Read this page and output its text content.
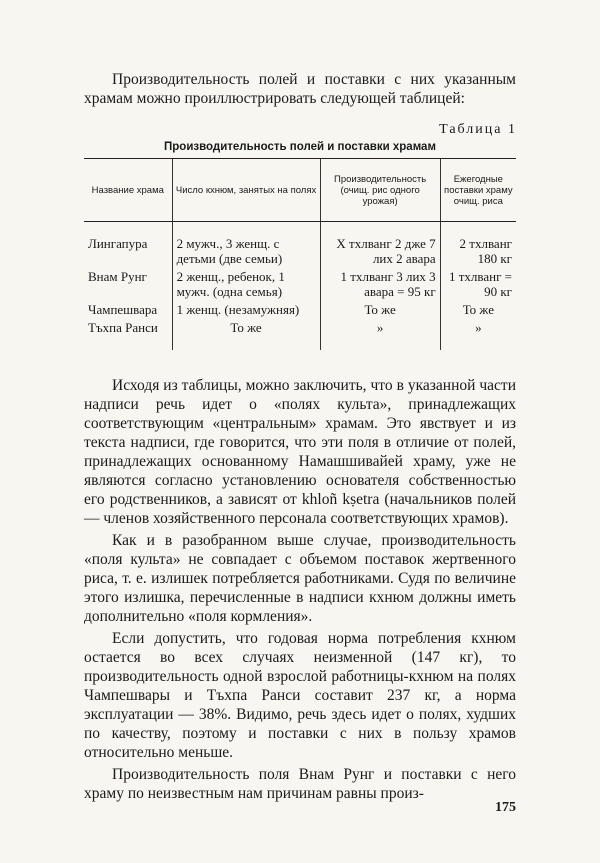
Производительность полей и поставки с них указанным храмам можно проиллюстрировать следующей таблицей:

Таблица 1
Производительность полей и поставки храмам
Название храма	Число кхнюм, занятых на полях	Производительность (очищ. рис одного урожая)	Ежегодные поставки храму очищ. риса
Лингапура	2 мужч., 3 женщ. с детьми (две семьи)	Х тхлванг 2 дже 7 лих 2 авара	2 тхлванг 180 кг
Внам Рунг	2 женщ., ребенок, 1 мужч. (одна семья)	1 тхлванг 3 лих 3 авара = 95 кг	1 тхлванг = 90 кг
Чампешвара	1 женщ. (незамужняя)	То же	То же
Тъхпа Ранси	То же	»	»

Исходя из таблицы, можно заключить, что в указанной части надписи речь идет о «полях культа», принадлежащих соответствующим «центральным» храмам. Это явствует и из текста надписи, где говорится, что эти поля в отличие от полей, принадлежащих основанному Намашшивайей храму, уже не являются согласно установлению основателя собственностью его родственников, а зависят от khloñ kṣetra (начальников полей — членов хозяйственного персонала соответствующих храмов).

Как и в разобранном выше случае, производительность «поля культа» не совпадает с объемом поставок жертвенного риса, т. е. излишек потребляется работниками. Судя по величине этого излишка, перечисленные в надписи кхнюм должны иметь дополнительно «поля кормления».

Если допустить, что годовая норма потребления кхнюм остается во всех случаях неизменной (147 кг), то производительность одной взрослой работницы-кхнюм на полях Чампешвары и Тъхпа Ранси составит 237 кг, а норма эксплуатации — 38%. Видимо, речь здесь идет о полях, худших по качеству, поэтому и поставки с них в пользу храмов относительно меньше.

Производительность поля Внам Рунг и поставки с него храму по неизвестным нам причинам равны произ-

175
